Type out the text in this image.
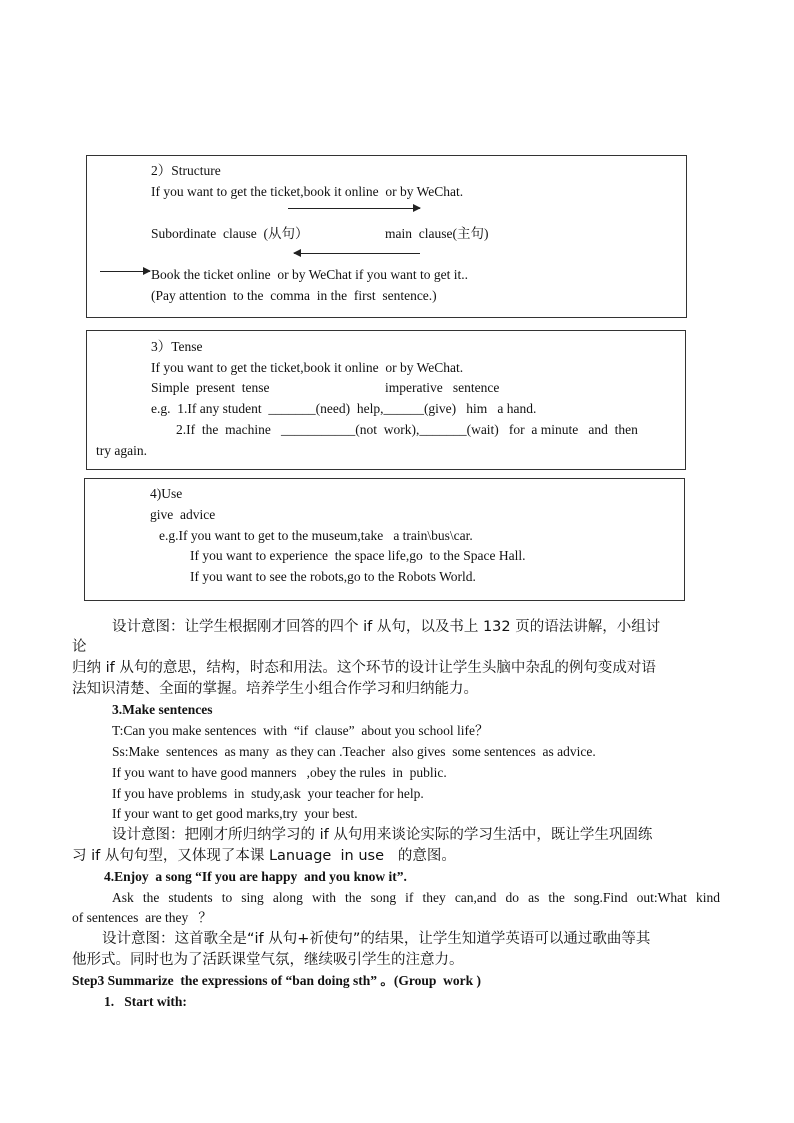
2）Structure
If you want to get the ticket,book it online  or by WeChat.
Subordinate  clause  (从句）	main  clause(主句)
Book the ticket online  or by WeChat if you want to get it..
(Pay attention  to the  comma  in the  first  sentence.)
3）Tense
If you want to get the ticket,book it online  or by WeChat.
Simple  present  tense	imperative   sentence
e.g.  1.If any student  _______(need)  help,______(give)   him   a hand.
2.If  the  machine   ___________(not  work),_______(wait)   for  a minute   and  then
try again.
4)Use
give  advice
e.g.If you want to get to the museum,take   a train\bus\car.
If you want to experience  the space life,go  to the Space Hall.
If you want to see the robots,go to the Robots World.
设计意图：让学生根据刚才回答的四个 if 从句，以及书上 132 页的语法讲解，小组讨
论
归纳 if 从句的意思，结构，时态和用法。这个环节的设计让学生头脑中杂乱的例句变成对语
法知识清楚、全面的掌握。培养学生小组合作学习和归纳能力。
3.Make sentences
T:Can you make sentences  with  “if  clause”  about you school life？
Ss:Make  sentences  as many  as they can .Teacher  also gives  some sentences  as advice.
If you want to have good manners   ,obey the rules  in  public.
If you have problems  in  study,ask  your teacher for help.
If your want to get good marks,try  your best.
设计意图：把刚才所归纳学习的 if 从句用来谈论实际的学习生活中，既让学生巩固练
习 if 从句句型，又体现了本课 Lanuage  in use   的意图。
4.Enjoy  a song “If you are happy  and you know it”.
Ask the students to sing along with the song if they can,and do as the song.Find out:What kind
of sentences  are they   ？
设计意图：这首歌全是“if 从句+祈使句”的结果，让学生知道学英语可以通过歌曲等其
他形式。同时也为了活跃课堂气氛，继续吸引学生的注意力。
Step3 Summarize  the expressions of “ban doing sth” 。(Group  work )
1.   Start with:
